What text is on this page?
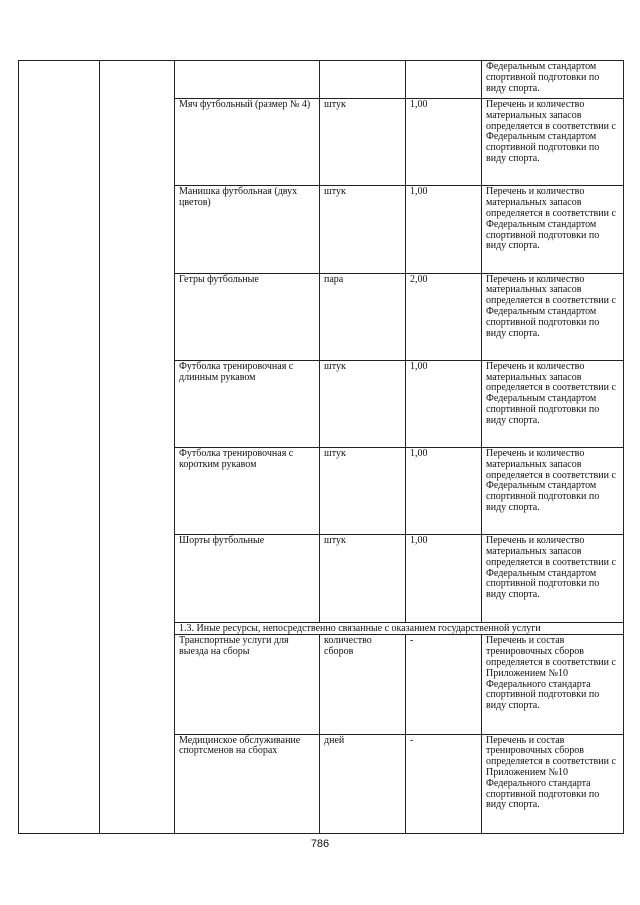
					Федеральным стандартом спортивной подготовки по виду спорта.
		Мяч футбольный (размер № 4)	штук	1,00	Перечень и количество материальных запасов определяется в соответствии с Федеральным стандартом спортивной подготовки по виду спорта.
		Манишка футбольная (двух цветов)	штук	1,00	Перечень и количество материальных запасов определяется в соответствии с Федеральным стандартом спортивной подготовки по виду спорта.
		Гетры футбольные	пара	2,00	Перечень и количество материальных запасов определяется в соответствии с Федеральным стандартом спортивной подготовки по виду спорта.
		Футболка тренировочная с длинным рукавом	штук	1,00	Перечень и количество материальных запасов определяется в соответствии с Федеральным стандартом спортивной подготовки по виду спорта.
		Футболка тренировочная с коротким рукавом	штук	1,00	Перечень и количество материальных запасов определяется в соответствии с Федеральным стандартом спортивной подготовки по виду спорта.
		Шорты футбольные	штук	1,00	Перечень и количество материальных запасов определяется в соответствии с Федеральным стандартом спортивной подготовки по виду спорта.
		1.3. Иные ресурсы, непосредственно связанные с оказанием государственной услуги			
		Транспортные услуги для выезда на сборы	количество сборов	-	Перечень и состав тренировочных сборов определяется в соответствии с Приложением №10 Федерального стандарта спортивной подготовки по виду спорта.
		Медицинское обслуживание спортсменов на сборах	дней	-	Перечень и состав тренировочных сборов определяется в соответствии с Приложением №10 Федерального стандарта спортивной подготовки по виду спорта.
786
